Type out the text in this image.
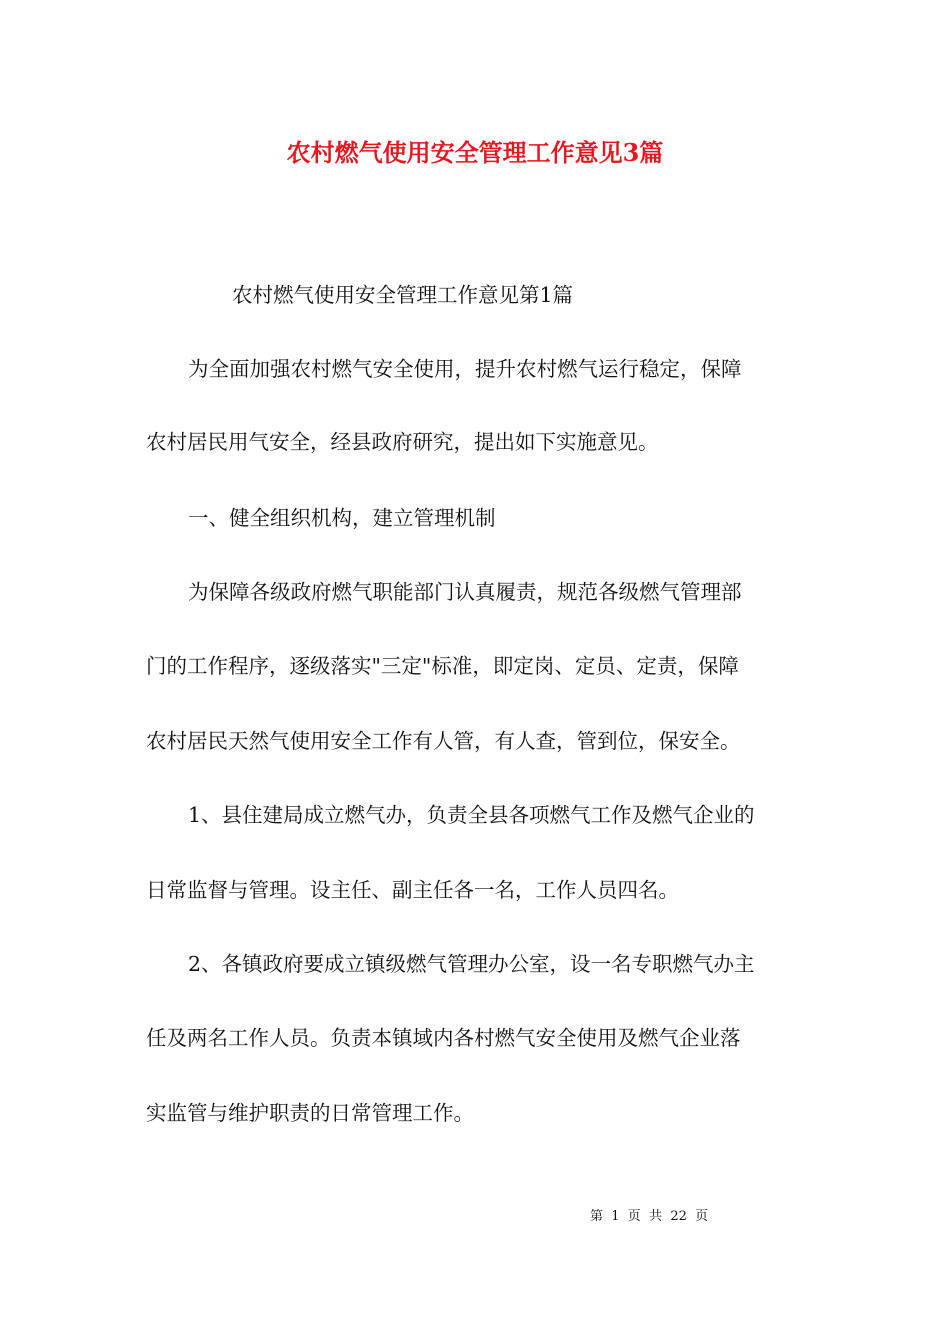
农村燃气使用安全管理工作意见3篇
农村燃气使用安全管理工作意见第1篇
为全面加强农村燃气安全使用，提升农村燃气运行稳定，保障
农村居民用气安全，经县政府研究，提出如下实施意见。
一、健全组织机构，建立管理机制
为保障各级政府燃气职能部门认真履责，规范各级燃气管理部
门的工作程序，逐级落实"三定"标准，即定岗、定员、定责，保障
农村居民天然气使用安全工作有人管，有人查，管到位，保安全。
1、县住建局成立燃气办，负责全县各项燃气工作及燃气企业的
日常监督与管理。设主任、副主任各一名，工作人员四名。
2、各镇政府要成立镇级燃气管理办公室，设一名专职燃气办主
任及两名工作人员。负责本镇域内各村燃气安全使用及燃气企业落
实监管与维护职责的日常管理工作。
第  1  页  共  22  页
